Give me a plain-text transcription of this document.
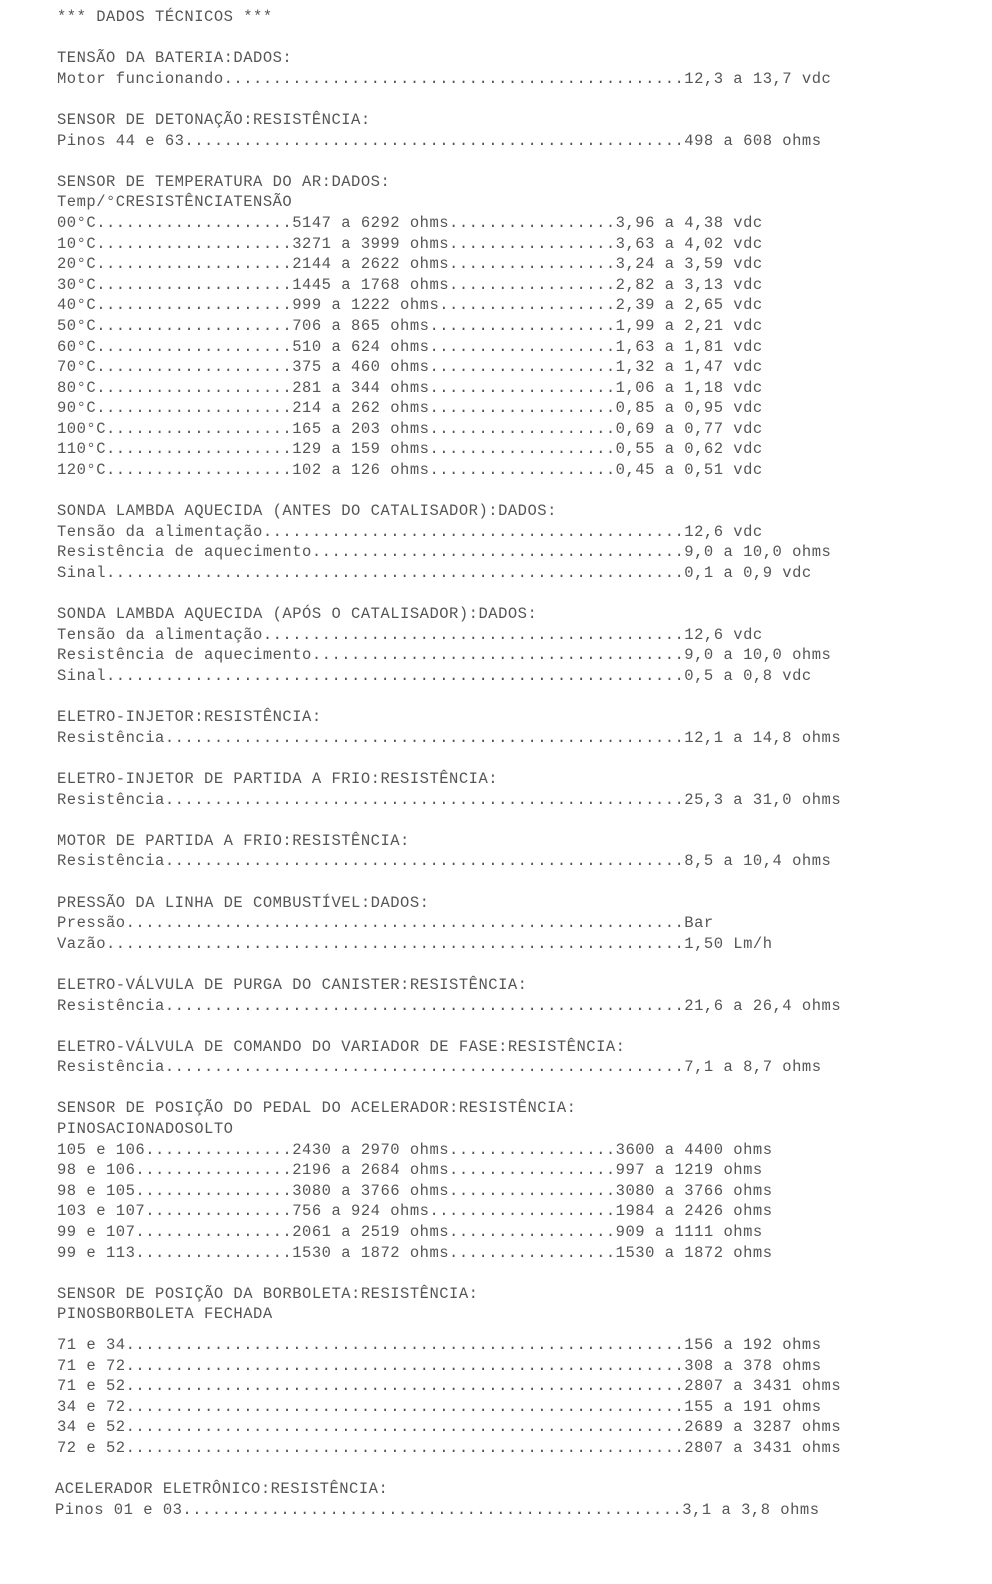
*** DADOS TÉCNICOS ***
TENSÃO DA BATERIA:DADOS:
Motor funcionando...............................................12,3 a 13,7 vdc
SENSOR DE DETONAÇÃO:RESISTÊNCIA:
Pinos 44 e 63...................................................498 a 608 ohms
SENSOR DE TEMPERATURA DO AR:DADOS:
Temp/°CRESISTÊNCIATENSÃO
00°C....................5147 a 6292 ohms.................3,96 a 4,38 vdc
10°C....................3271 a 3999 ohms.................3,63 a 4,02 vdc
20°C....................2144 a 2622 ohms.................3,24 a 3,59 vdc
30°C....................1445 a 1768 ohms.................2,82 a 3,13 vdc
40°C....................999 a 1222 ohms..................2,39 a 2,65 vdc
50°C....................706 a 865 ohms...................1,99 a 2,21 vdc
60°C....................510 a 624 ohms...................1,63 a 1,81 vdc
70°C....................375 a 460 ohms...................1,32 a 1,47 vdc
80°C....................281 a 344 ohms...................1,06 a 1,18 vdc
90°C....................214 a 262 ohms...................0,85 a 0,95 vdc
100°C...................165 a 203 ohms...................0,69 a 0,77 vdc
110°C...................129 a 159 ohms...................0,55 a 0,62 vdc
120°C...................102 a 126 ohms...................0,45 a 0,51 vdc
SONDA LAMBDA AQUECIDA (ANTES DO CATALISADOR):DADOS:
Tensão da alimentação...........................................12,6 vdc
Resistência de aquecimento......................................9,0 a 10,0 ohms
Sinal...........................................................0,1 a 0,9 vdc
SONDA LAMBDA AQUECIDA (APÓS O CATALISADOR):DADOS:
Tensão da alimentação...........................................12,6 vdc
Resistência de aquecimento......................................9,0 a 10,0 ohms
Sinal...........................................................0,5 a 0,8 vdc
ELETRO-INJETOR:RESISTÊNCIA:
Resistência.....................................................12,1 a 14,8 ohms
ELETRO-INJETOR DE PARTIDA A FRIO:RESISTÊNCIA:
Resistência.....................................................25,3 a 31,0 ohms
MOTOR DE PARTIDA A FRIO:RESISTÊNCIA:
Resistência.....................................................8,5 a 10,4 ohms
PRESSÃO DA LINHA DE COMBUSTÍVEL:DADOS:
Pressão.........................................................Bar
Vazão...........................................................1,50 Lm/h
ELETRO-VÁLVULA DE PURGA DO CANISTER:RESISTÊNCIA:
Resistência.....................................................21,6 a 26,4 ohms
ELETRO-VÁLVULA DE COMANDO DO VARIADOR DE FASE:RESISTÊNCIA:
Resistência.....................................................7,1 a 8,7 ohms
SENSOR DE POSIÇÃO DO PEDAL DO ACELERADOR:RESISTÊNCIA:
PINOSACIONADOSOLTO
105 e 106...............2430 a 2970 ohms.................3600 a 4400 ohms
98 e 106................2196 a 2684 ohms.................997 a 1219 ohms
98 e 105................3080 a 3766 ohms.................3080 a 3766 ohms
103 e 107...............756 a 924 ohms...................1984 a 2426 ohms
99 e 107................2061 a 2519 ohms.................909 a 1111 ohms
99 e 113................1530 a 1872 ohms.................1530 a 1872 ohms
SENSOR DE POSIÇÃO DA BORBOLETA:RESISTÊNCIA:
PINOSBORBOLETA FECHADA
71 e 34.........................................................156 a 192 ohms
71 e 72.........................................................308 a 378 ohms
71 e 52.........................................................2807 a 3431 ohms
34 e 72.........................................................155 a 191 ohms
34 e 52.........................................................2689 a 3287 ohms
72 e 52.........................................................2807 a 3431 ohms
ACELERADOR ELETRÔNICO:RESISTÊNCIA:
Pinos 01 e 03...................................................3,1 a 3,8 ohms
